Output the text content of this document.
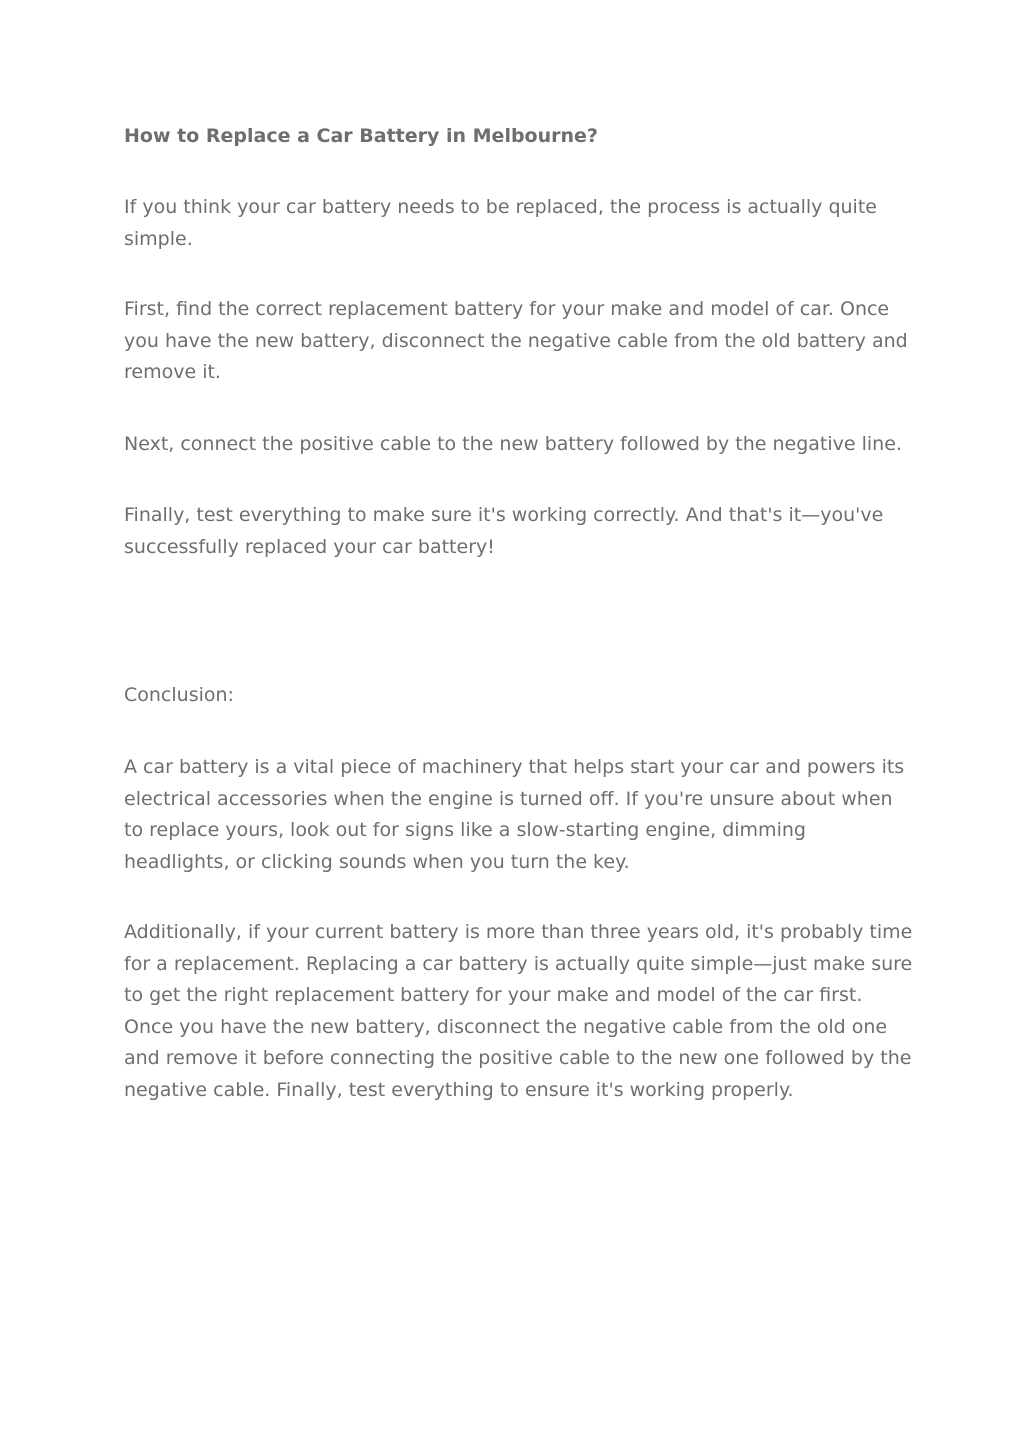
How to Replace a Car Battery in Melbourne?

If you think your car battery needs to be replaced, the process is actually quite simple.

First, find the correct replacement battery for your make and model of car. Once you have the new battery, disconnect the negative cable from the old battery and remove it.

Next, connect the positive cable to the new battery followed by the negative line.

Finally, test everything to make sure it's working correctly. And that's it—you've successfully replaced your car battery!

Conclusion:

A car battery is a vital piece of machinery that helps start your car and powers its electrical accessories when the engine is turned off. If you're unsure about when to replace yours, look out for signs like a slow-starting engine, dimming headlights, or clicking sounds when you turn the key.

Additionally, if your current battery is more than three years old, it's probably time for a replacement. Replacing a car battery is actually quite simple—just make sure to get the right replacement battery for your make and model of the car first. Once you have the new battery, disconnect the negative cable from the old one and remove it before connecting the positive cable to the new one followed by the negative cable. Finally, test everything to ensure it's working properly.
